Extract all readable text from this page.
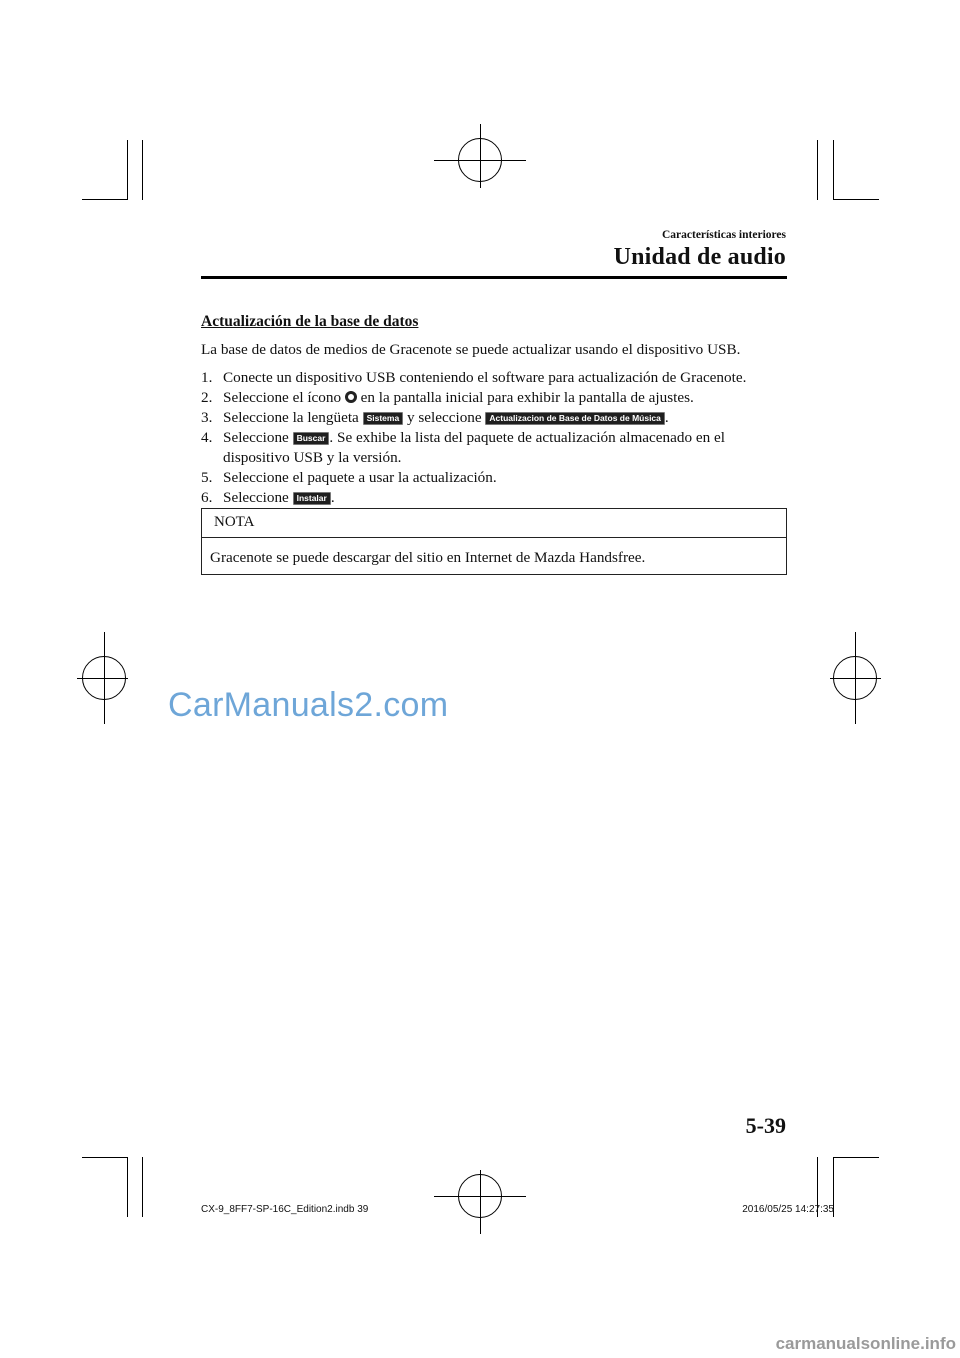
Características interiores
Unidad de audio
Actualización de la base de datos

La base de datos de medios de Gracenote se puede actualizar usando el dispositivo USB.

1. Conecte un dispositivo USB conteniendo el software para actualización de Gracenote.
2. Seleccione el ícono en la pantalla inicial para exhibir la pantalla de ajustes.
3. Seleccione la lengüeta Sistema y seleccione Actualizacion de Base de Datos de Música .
4. Seleccione Buscar . Se exhibe la lista del paquete de actualización almacenado en el dispositivo USB y la versión.
5. Seleccione el paquete a usar la actualización.
6. Seleccione Instalar .
NOTA
Gracenote se puede descargar del sitio en Internet de Mazda Handsfree.
CarManuals2.com
5-39
CX-9_8FF7-SP-16C_Edition2.indb 39	2016/05/25 14:27:35
carmanualsonline.info
